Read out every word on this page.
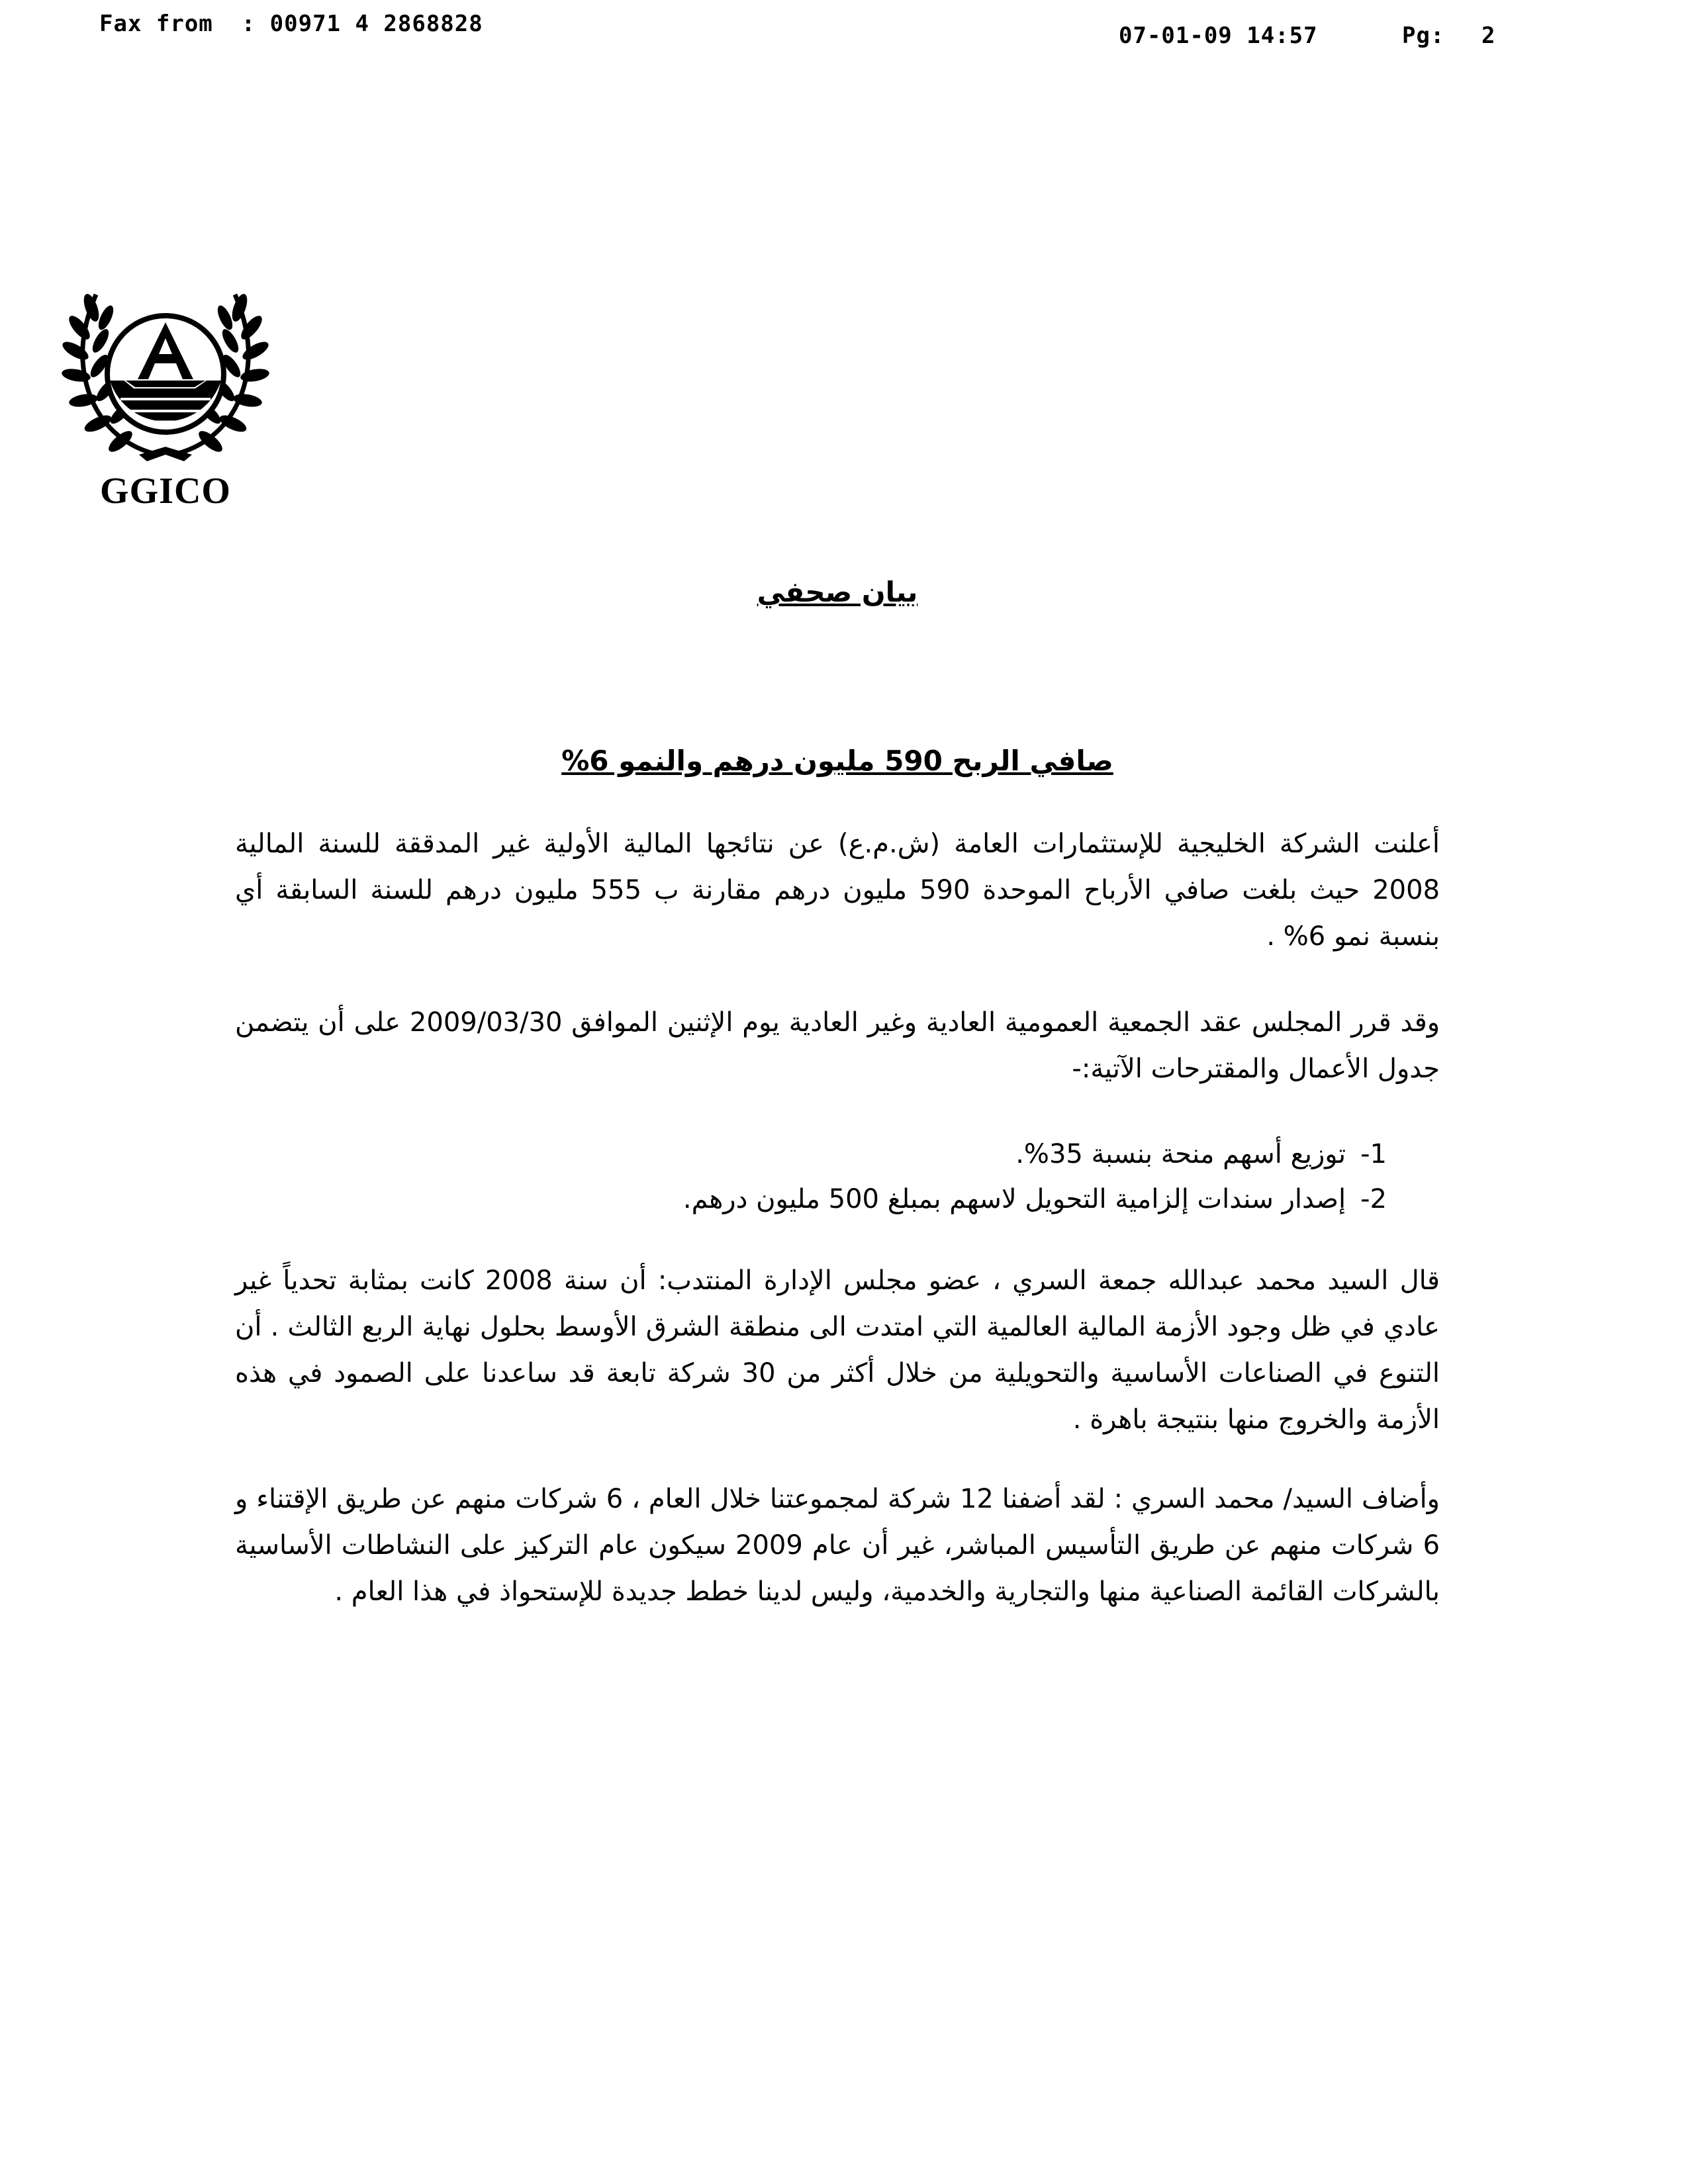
Fax from  : 00971 4 2868828	07-01-09 14:57	Pg: 2
GGICO
بيان صحفي
صافي الربح 590 مليون درهم والنمو 6%

أعلنت الشركة الخليجية للإستثمارات العامة (ش.م.ع) عن نتائجها المالية الأولية غير المدققة للسنة المالية 2008 حيث بلغت صافي الأرباح الموحدة 590 مليون درهم مقارنة ب 555 مليون درهم للسنة السابقة أي بنسبة نمو 6% .

وقد قرر المجلس عقد الجمعية العمومية العادية وغير العادية يوم الإثنين الموافق 2009/03/30 على أن يتضمن جدول الأعمال والمقترحات الآتية:-

1-توزيع أسهم منحة بنسبة 35%.
2-إصدار سندات إلزامية التحويل لاسهم بمبلغ 500 مليون درهم.

قال السيد محمد عبدالله جمعة السري ، عضو مجلس الإدارة المنتدب: أن سنة 2008 كانت بمثابة تحدياً غير عادي في ظل وجود الأزمة المالية العالمية التي امتدت الى منطقة الشرق الأوسط بحلول نهاية الربع الثالث . أن التنوع في الصناعات الأساسية والتحويلية من خلال أكثر من 30 شركة تابعة قد ساعدنا على الصمود في هذه الأزمة والخروج منها بنتيجة باهرة .

وأضاف السيد/ محمد السري : لقد أضفنا 12 شركة لمجموعتنا خلال العام ، 6 شركات منهم عن طريق الإقتناء و 6 شركات منهم عن طريق التأسيس المباشر، غير أن عام 2009 سيكون عام التركيز على النشاطات الأساسية بالشركات القائمة الصناعية منها والتجارية والخدمية، وليس لدينا خطط جديدة للإستحواذ في هذا العام .
